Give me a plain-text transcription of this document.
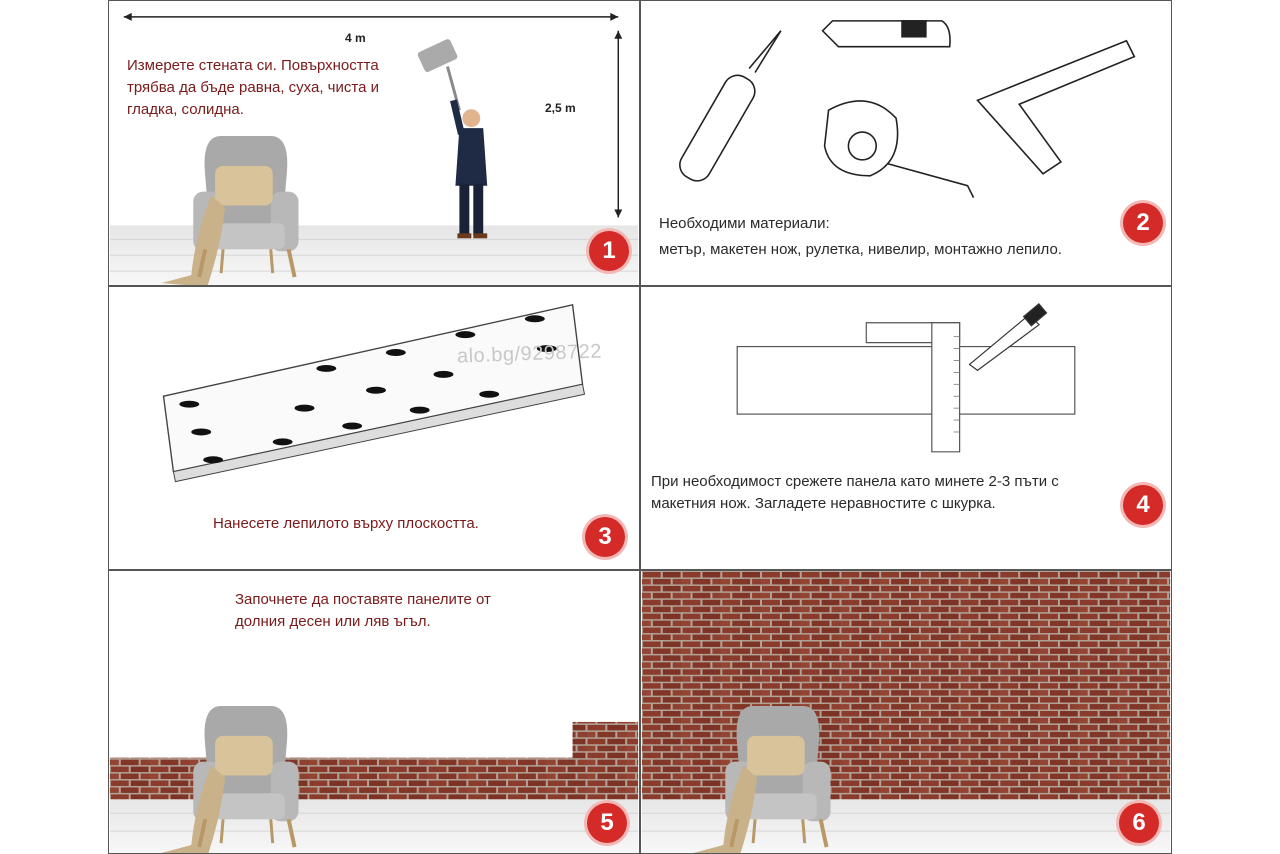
4 m
2,5 m
Измерете стената си. Повърхността трябва да бъде равна, суха, чиста и гладка, солидна.
1
Необходими материали:
метър, макетен нож, рулетка, нивелир, монтажно лепило.
2
alo.bg/9298722
Нанесете лепилото върху плоскостта.	3
При необходимост срежете панела като минете 2-3 пъти с макетния нож. Загладете неравностите с шкурка.	4
Започнете да поставяте панелите от долния десен или ляв ъгъл.
5	6
